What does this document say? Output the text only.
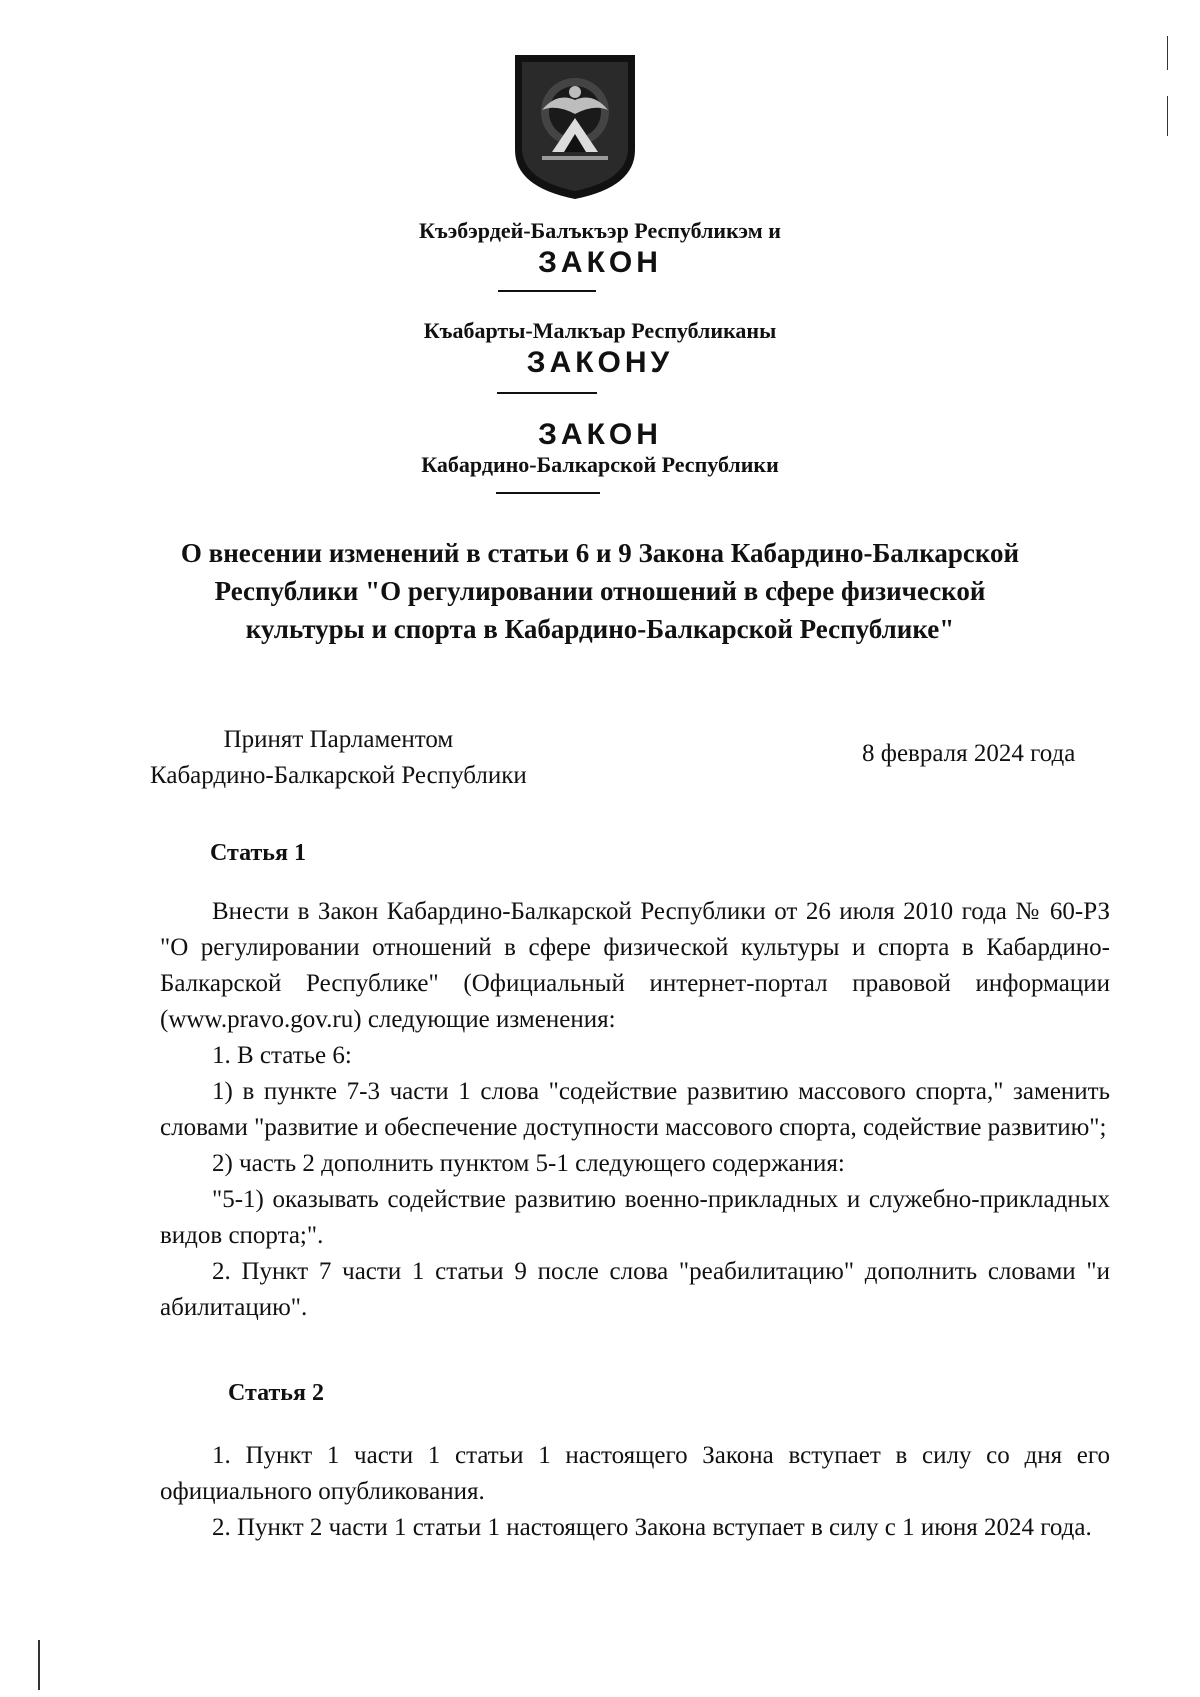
Къэбэрдей-Балъкъэр Республикэм и
ЗАКОН
Къабарты-Малкъар Республиканы
ЗАКОНУ
ЗАКОН
Кабардино-Балкарской Республики
О внесении изменений в статьи 6 и 9 Закона Кабардино-Балкарской
Республики "О регулировании отношений в сфере физической
культуры и спорта в Кабардино-Балкарской Республике"
Принят Парламентом
Кабардино-Балкарской Республики
8 февраля 2024 года
Статья 1

Внести в Закон Кабардино-Балкарской Республики от 26 июля 2010 года № 60-РЗ "О регулировании отношений в сфере физической культуры и спорта в Кабардино-Балкарской Республике" (Официальный интернет-портал правовой информации (www.pravo.gov.ru) следующие изменения:

1. В статье 6:

1) в пункте 7-3 части 1 слова "содействие развитию массового спорта," заменить словами "развитие и обеспечение доступности массового спорта, содействие развитию";

2) часть 2 дополнить пунктом 5-1 следующего содержания:

"5-1) оказывать содействие развитию военно-прикладных и служебно-прикладных видов спорта;".

2. Пункт 7 части 1 статьи 9 после слова "реабилитацию" дополнить словами "и абилитацию".

Статья 2

1. Пункт 1 части 1 статьи 1 настоящего Закона вступает в силу со дня его официального опубликования.

2. Пункт 2 части 1 статьи 1 настоящего Закона вступает в силу с 1 июня 2024 года.
